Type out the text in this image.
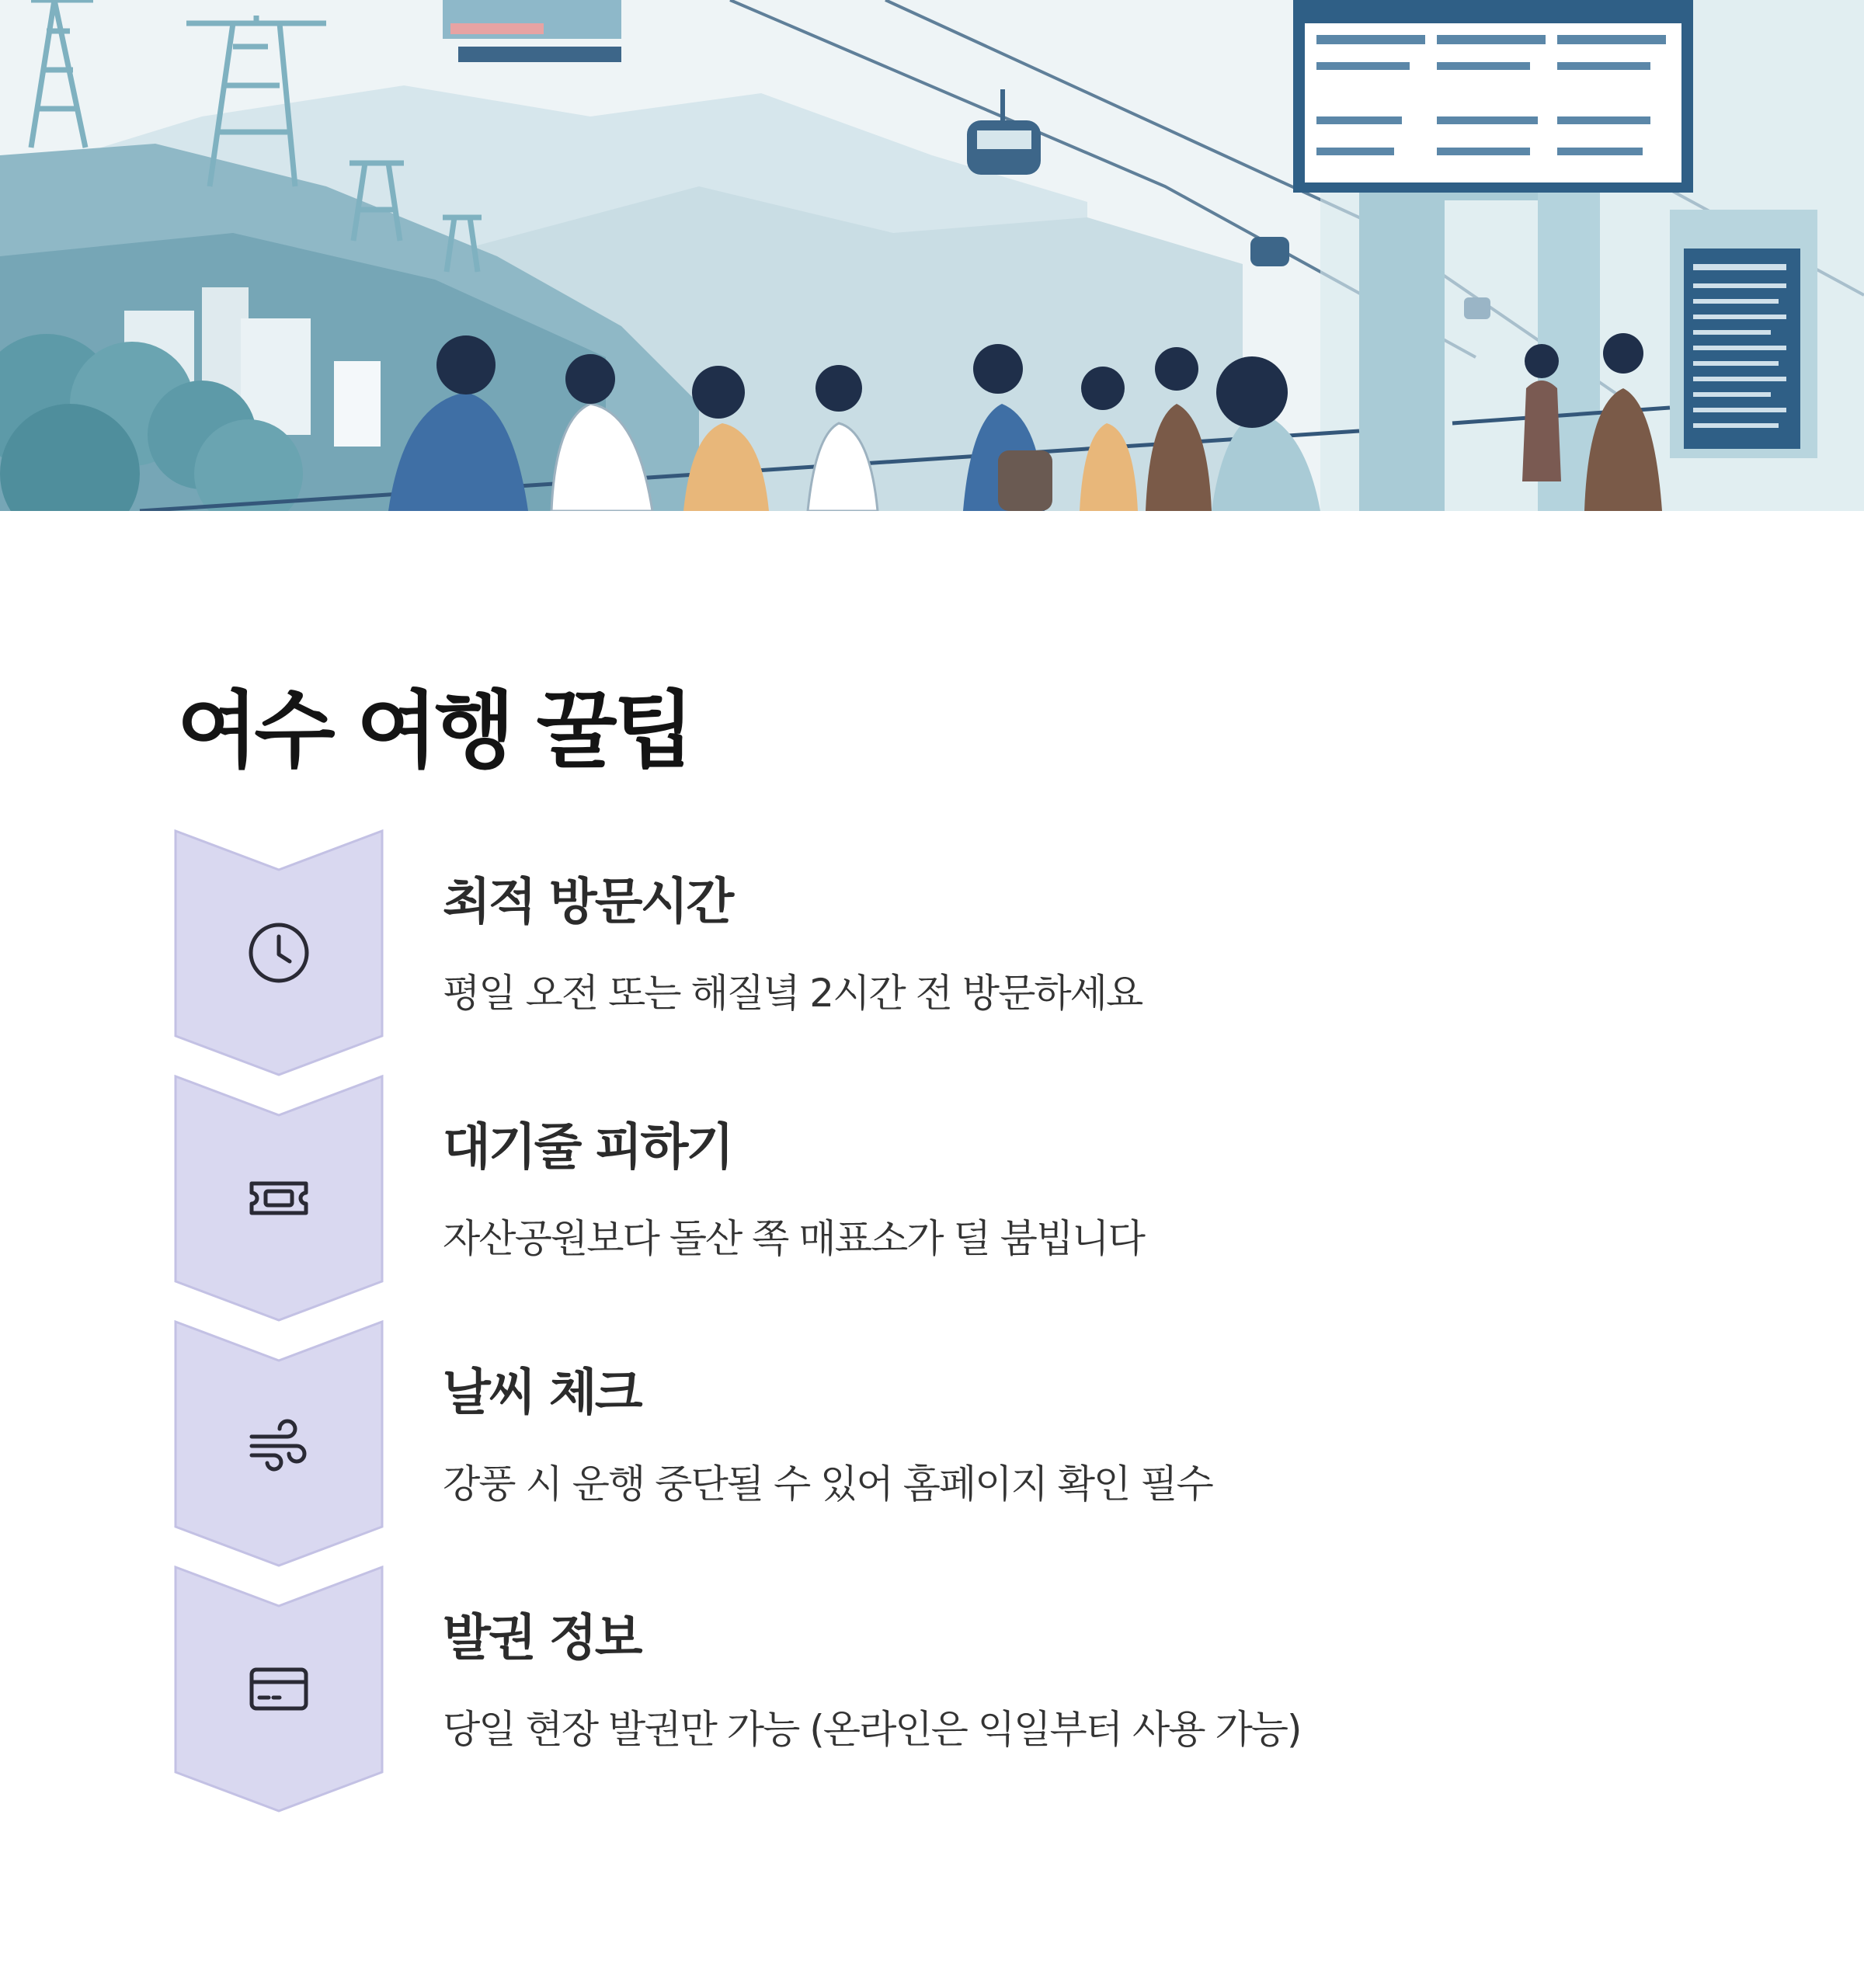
여수 여행 꿀팁
최적 방문시간

평일 오전 또는 해질녘 2시간 전 방문하세요

대기줄 피하기

자산공원보다 돌산 쪽 매표소가 덜 붐빕니다

날씨 체크

강풍 시 운행 중단될 수 있어 홈페이지 확인 필수

발권 정보

당일 현장 발권만 가능 (온라인은 익일부터 사용 가능)
